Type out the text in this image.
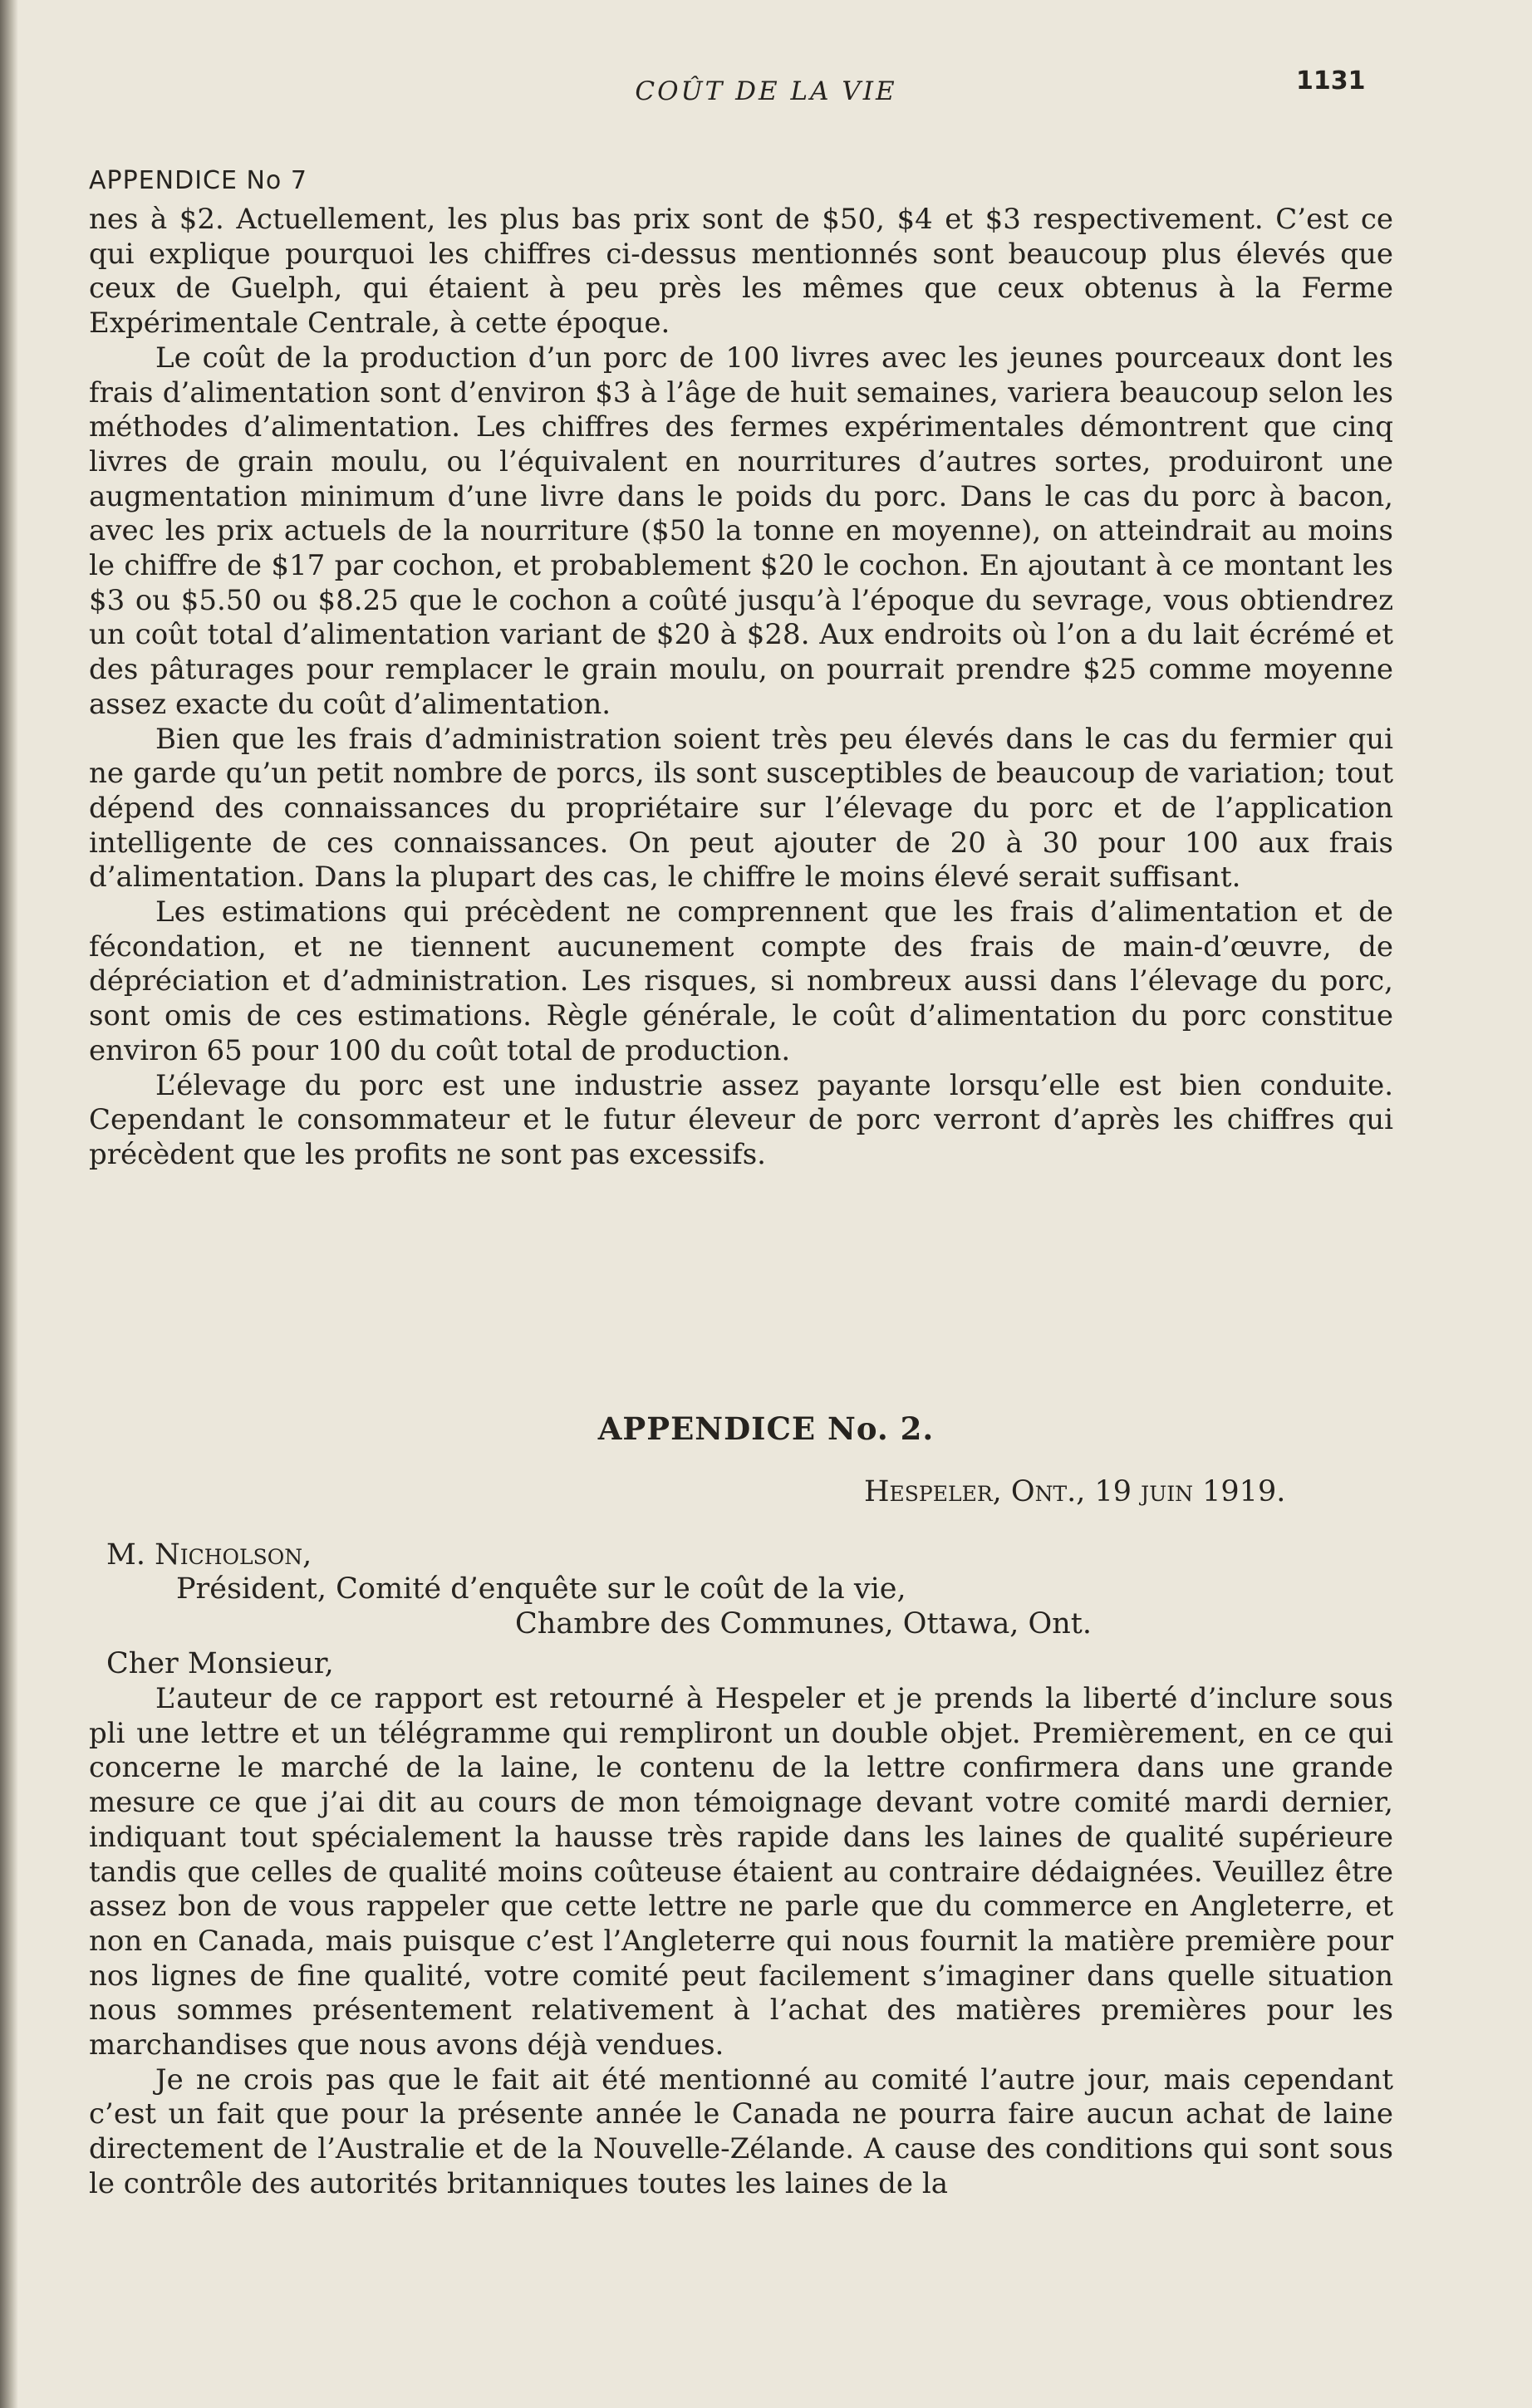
COÛT DE LA VIE	1131
APPENDICE No 7

nes à $2. Actuellement, les plus bas prix sont de $50, $4 et $3 respectivement. C’est ce qui explique pourquoi les chiffres ci-dessus mentionnés sont beaucoup plus élevés que ceux de Guelph, qui étaient à peu près les mêmes que ceux obtenus à la Ferme Expérimentale Centrale, à cette époque.

Le coût de la production d’un porc de 100 livres avec les jeunes pourceaux dont les frais d’alimentation sont d’environ $3 à l’âge de huit semaines, variera beaucoup selon les méthodes d’alimentation. Les chiffres des fermes expérimentales démontrent que cinq livres de grain moulu, ou l’équivalent en nourritures d’autres sortes, produiront une augmentation minimum d’une livre dans le poids du porc. Dans le cas du porc à bacon, avec les prix actuels de la nourriture ($50 la tonne en moyenne), on atteindrait au moins le chiffre de $17 par cochon, et probablement $20 le cochon. En ajoutant à ce montant les $3 ou $5.50 ou $8.25 que le cochon a coûté jusqu’à l’époque du sevrage, vous obtiendrez un coût total d’alimentation variant de $20 à $28. Aux endroits où l’on a du lait écrémé et des pâturages pour remplacer le grain moulu, on pourrait prendre $25 comme moyenne assez exacte du coût d’alimentation.

Bien que les frais d’administration soient très peu élevés dans le cas du fermier qui ne garde qu’un petit nombre de porcs, ils sont susceptibles de beaucoup de variation; tout dépend des connaissances du propriétaire sur l’élevage du porc et de l’application intelligente de ces connaissances. On peut ajouter de 20 à 30 pour 100 aux frais d’alimentation. Dans la plupart des cas, le chiffre le moins élevé serait suffisant.

Les estimations qui précèdent ne comprennent que les frais d’alimentation et de fécondation, et ne tiennent aucunement compte des frais de main-d’œuvre, de dépréciation et d’administration. Les risques, si nombreux aussi dans l’élevage du porc, sont omis de ces estimations. Règle générale, le coût d’alimentation du porc constitue environ 65 pour 100 du coût total de production.

L’élevage du porc est une industrie assez payante lorsqu’elle est bien conduite. Cependant le consommateur et le futur éleveur de porc verront d’après les chiffres qui précèdent que les profits ne sont pas excessifs.

APPENDICE No. 2.
Hespeler, Ont., 19 juin 1919.
M. Nicholson,
Président, Comité d’enquête sur le coût de la vie,
Chambre des Communes, Ottawa, Ont.
Cher Monsieur,

L’auteur de ce rapport est retourné à Hespeler et je prends la liberté d’inclure sous pli une lettre et un télégramme qui rempliront un double objet. Premièrement, en ce qui concerne le marché de la laine, le contenu de la lettre confirmera dans une grande mesure ce que j’ai dit au cours de mon témoignage devant votre comité mardi dernier, indiquant tout spécialement la hausse très rapide dans les laines de qualité supérieure tandis que celles de qualité moins coûteuse étaient au contraire dédaignées. Veuillez être assez bon de vous rappeler que cette lettre ne parle que du commerce en Angleterre, et non en Canada, mais puisque c’est l’Angleterre qui nous fournit la matière première pour nos lignes de fine qualité, votre comité peut facilement s’imaginer dans quelle situation nous sommes présentement relativement à l’achat des matières premières pour les marchandises que nous avons déjà vendues.

Je ne crois pas que le fait ait été mentionné au comité l’autre jour, mais cependant c’est un fait que pour la présente année le Canada ne pourra faire aucun achat de laine directement de l’Australie et de la Nouvelle-Zélande. A cause des conditions qui sont sous le contrôle des autorités britanniques toutes les laines de la
